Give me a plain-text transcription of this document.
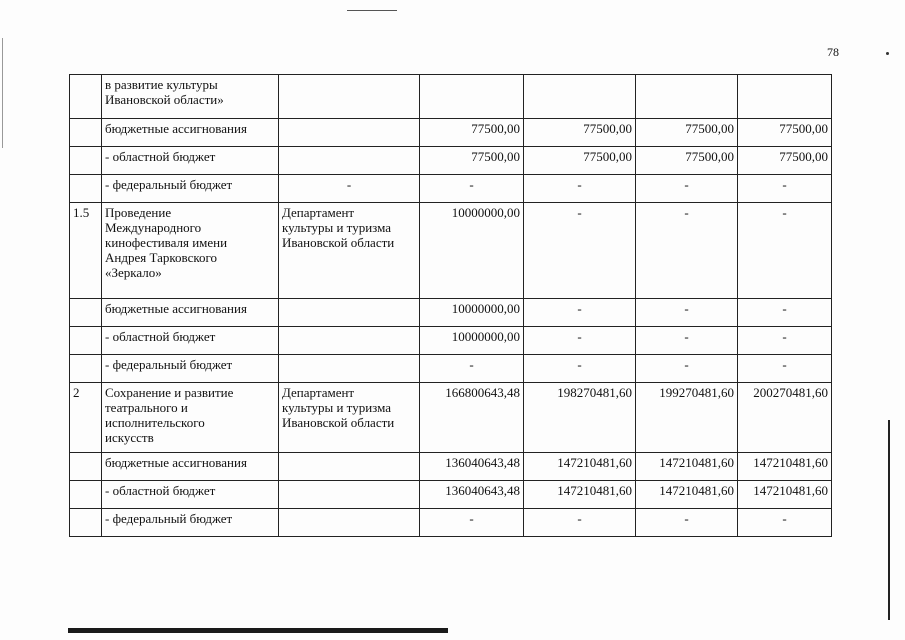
78

	в развитие культуры
Ивановской области»					

	бюджетные ассигнования		77500,00	77500,00	77500,00	77500,00

	- областной бюджет		77500,00	77500,00	77500,00	77500,00

	- федеральный бюджет	-	-	-	-	-
1.5	Проведение
Международного
кинофестиваля имени
Андрея Тарковского
«Зеркало»	Департамент
культуры и туризма
Ивановской области	10000000,00	-	-	-

	бюджетные ассигнования		10000000,00	-	-	-

	- областной бюджет		10000000,00	-	-	-

	- федеральный бюджет		-	-	-	-
2	Сохранение и развитие
театрального и
исполнительского
искусств	Департамент
культуры и туризма
Ивановской области	166800643,48	198270481,60	199270481,60	200270481,60

	бюджетные ассигнования		136040643,48	147210481,60	147210481,60	147210481,60

	- областной бюджет		136040643,48	147210481,60	147210481,60	147210481,60

	- федеральный бюджет		-	-	-	-
